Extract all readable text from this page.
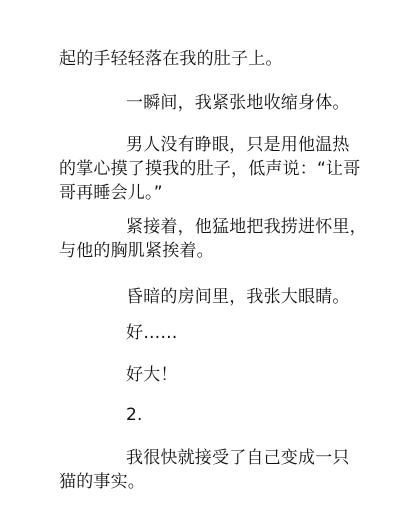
起的手轻轻落在我的肚子上。

一瞬间，我紧张地收缩身体。

男人没有睁眼，只是用他温热
的掌心摸了摸我的肚子，低声说：“让哥
哥再睡会儿。”

紧接着，他猛地把我捞进怀里，
与他的胸肌紧挨着。

昏暗的房间里，我张大眼睛。

好……

好大！

2.

我很快就接受了自己变成一只
猫的事实。
